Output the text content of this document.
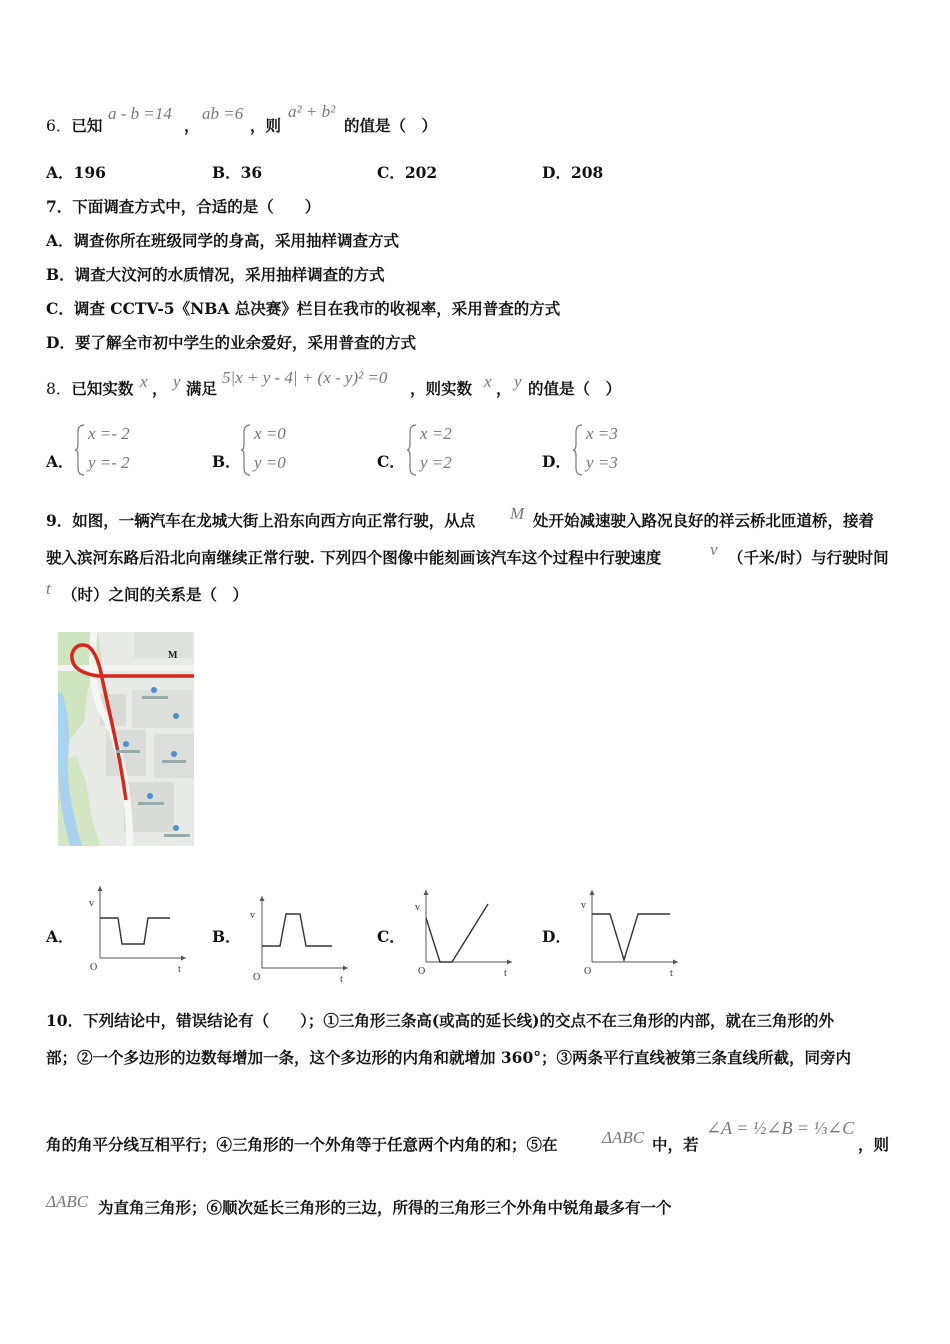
6．已知
a - b =14
，
ab =6
，则
a² + b²
的值是（　）
A．196	B．36	C．202	D．208
7．下面调查方式中，合适的是（　　）
A．调查你所在班级同学的身高，采用抽样调查方式
B．调查大汶河的水质情况，采用抽样调查的方式
C．调查 CCTV-5《NBA 总决赛》栏目在我市的收视率，采用普查的方式
D．要了解全市初中学生的业余爱好，采用普查的方式
8．已知实数 x ， y 满足
5|x + y - 4| + (x - y)² =0
，则实数 x ， y 的值是（　）
A．	B．	C．	D．
x =- 2
y =- 2
x =0
y =0
x =2
y =2
x =3
y =3
9．如图，一辆汽车在龙城大街上沿东向西方向正常行驶，从点 M 处开始减速驶入路况良好的祥云桥北匝道桥，接着
驶入滨河东路后沿北向南继续正常行驶. 下列四个图像中能刻画该汽车这个过程中行驶速度	v （千米/时）与行驶时间
t （时）之间的关系是（　）
M
A．	B．	C．	D．
v
O	t
v
O	t
v
O	t
v
O	t
10．下列结论中，错误结论有（　　）；①三角形三条高(或高的延长线)的交点不在三角形的内部，就在三角形的外
部；②一个多边形的边数每增加一条，这个多边形的内角和就增加 360°；③两条平行直线被第三条直线所截，同旁内
角的角平分线互相平行；④三角形的一个外角等于任意两个内角的和；⑤在	ΔABC 中，若
∠A = ½∠B = ⅓∠C
，则
ΔABC 为直角三角形；⑥顺次延长三角形的三边，所得的三角形三个外角中锐角最多有一个
